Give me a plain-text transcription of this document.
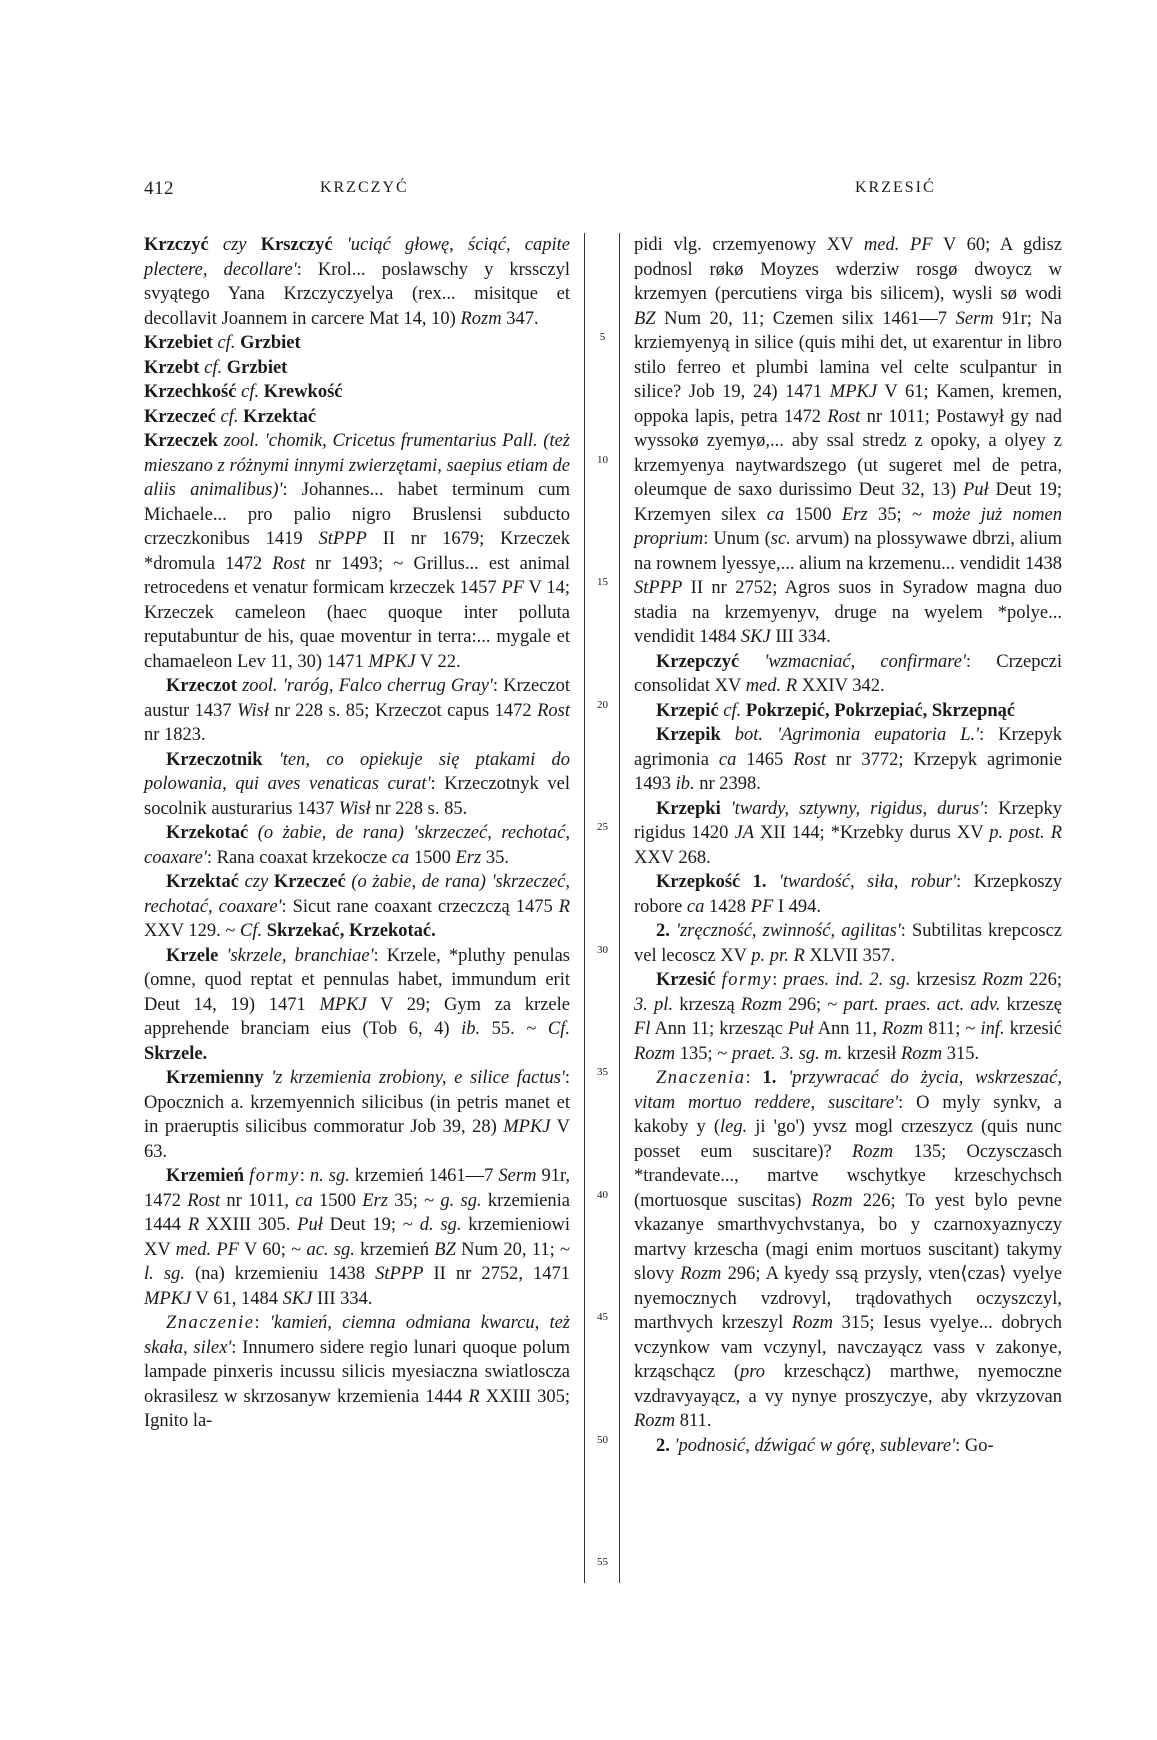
412	KRZCZYĆ	KRZESIĆ
5
10
15
20
25
30
35
40
45
50
55

Krzczyć czy Krszczyć 'uciąć głowę, ściąć, capite plectere, decollare': Krol... poslawschy y krssczyl svyątego Yana Krzczyczyelya (rex... misitque et decollavit Joannem in carcere Mat 14, 10) Rozm 347.

Krzebiet cf. Grzbiet

Krzebt cf. Grzbiet

Krzechkość cf. Krewkość

Krzeczeć cf. Krzektać

Krzeczek zool. 'chomik, Cricetus frumentarius Pall. (też mieszano z różnymi innymi zwierzętami, saepius etiam de aliis animalibus)': Johannes... habet terminum cum Michaele... pro palio nigro Bruslensi subducto crzeczkonibus 1419 StPPP II nr 1679; Krzeczek *dromula 1472 Rost nr 1493; ~ Grillus... est animal retrocedens et venatur formicam krzeczek 1457 PF V 14; Krzeczek cameleon (haec quoque inter polluta reputabuntur de his, quae moventur in terra:... mygale et chamaeleon Lev 11, 30) 1471 MPKJ V 22.

Krzeczot zool. 'raróg, Falco cherrug Gray': Krzeczot austur 1437 Wisł nr 228 s. 85; Krzeczot capus 1472 Rost nr 1823.

Krzeczotnik 'ten, co opiekuje się ptakami do polowania, qui aves venaticas curat': Krzeczotnyk vel socolnik austurarius 1437 Wisł nr 228 s. 85.

Krzekotać (o żabie, de rana) 'skrzeczeć, rechotać, coaxare': Rana coaxat krzekocze ca 1500 Erz 35.

Krzektać czy Krzeczeć (o żabie, de rana) 'skrzeczeć, rechotać, coaxare': Sicut rane coaxant crzeczczą 1475 R XXV 129. ~ Cf. Skrzekać, Krzekotać.

Krzele 'skrzele, branchiae': Krzele, *pluthy penulas (omne, quod reptat et pennulas habet, immundum erit Deut 14, 19) 1471 MPKJ V 29; Gym za krzele apprehende branciam eius (Tob 6, 4) ib. 55. ~ Cf. Skrzele.

Krzemienny 'z krzemienia zrobiony, e silice factus': Opocznich a. krzemyennich silicibus (in petris manet et in praeruptis silicibus commoratur Job 39, 28) MPKJ V 63.

Krzemień formy: n. sg. krzemień 1461—7 Serm 91r, 1472 Rost nr 1011, ca 1500 Erz 35; ~ g. sg. krzemienia 1444 R XXIII 305. Puł Deut 19; ~ d. sg. krzemieniowi XV med. PF V 60; ~ ac. sg. krzemień BZ Num 20, 11; ~ l. sg. (na) krzemieniu 1438 StPPP II nr 2752, 1471 MPKJ V 61, 1484 SKJ III 334.

Znaczenie: 'kamień, ciemna odmiana kwarcu, też skała, silex': Innumero sidere regio lunari quoque polum lampade pinxeris incussu silicis myesiaczna swiatloscza okrasilesz w skrzosanyw krzemienia 1444 R XXIII 305; Ignito la-

pidi vlg. crzemyenowy XV med. PF V 60; A gdisz podnosl røkø Moyzes wderziw rosgø dwoycz w krzemyen (percutiens virga bis silicem), wysli sø wodi BZ Num 20, 11; Czemen silix 1461—7 Serm 91r; Na krziemyenyą in silice (quis mihi det, ut exarentur in libro stilo ferreo et plumbi lamina vel celte sculpantur in silice? Job 19, 24) 1471 MPKJ V 61; Kamen, kremen, oppoka lapis, petra 1472 Rost nr 1011; Postawył gy nad wyssokø zyemyø,... aby ssal stredz z opoky, a olyey z krzemyenya naytwardszego (ut sugeret mel de petra, oleumque de saxo durissimo Deut 32, 13) Puł Deut 19; Krzemyen silex ca 1500 Erz 35; ~ może już nomen proprium: Unum (sc. arvum) na plossywawe dbrzi, alium na rownem lyessye,... alium na krzemenu... vendidit 1438 StPPP II nr 2752; Agros suos in Syradow magna duo stadia na krzemyenyv, druge na wyelem *polye... vendidit 1484 SKJ III 334.

Krzepczyć 'wzmacniać, confirmare': Crzepczi consolidat XV med. R XXIV 342.

Krzepić cf. Pokrzepić, Pokrzepiać, Skrzepnąć

Krzepik bot. 'Agrimonia eupatoria L.': Krzepyk agrimonia ca 1465 Rost nr 3772; Krzepyk agrimonie 1493 ib. nr 2398.

Krzepki 'twardy, sztywny, rigidus, durus': Krzepky rigidus 1420 JA XII 144; *Krzebky durus XV p. post. R XXV 268.

Krzepkość 1. 'twardość, siła, robur': Krzepkoszy robore ca 1428 PF I 494.

2. 'zręczność, zwinność, agilitas': Subtilitas krepcoscz vel lecoscz XV p. pr. R XLVII 357.

Krzesić formy: praes. ind. 2. sg. krzesisz Rozm 226; 3. pl. krzeszą Rozm 296; ~ part. praes. act. adv. krzeszę Fl Ann 11; krzesząc Puł Ann 11, Rozm 811; ~ inf. krzesić Rozm 135; ~ praet. 3. sg. m. krzesił Rozm 315.

Znaczenia: 1. 'przywracać do życia, wskrzeszać, vitam mortuo reddere, suscitare': O myly synkv, a kakoby y (leg. ji 'go') yvsz mogl crzeszycz (quis nunc posset eum suscitare)? Rozm 135; Oczysczasch *trandevate..., martve wschytkye krzeschychsch (mortuosque suscitas) Rozm 226; To yest bylo pevne vkazanye smarthvychvstanya, bo y czarnoxyaznyczy martvy krzescha (magi enim mortuos suscitant) takymy slovy Rozm 296; A kyedy ssą przysly, vten⟨czas⟩ vyelye nyemocznych vzdrovyl, trądovathych oczyszczyl, marthvych krzeszyl Rozm 315; Iesus vyelye... dobrych vczynkow vam vczynyl, navczayącz vass v zakonye, krząschącz (pro krzeschącz) marthwe, nyemoczne vzdravyayącz, a vy nynye proszyczye, aby vkrzyzovan Rozm 811.

2. 'podnosić, dźwigać w górę, sublevare': Go-
